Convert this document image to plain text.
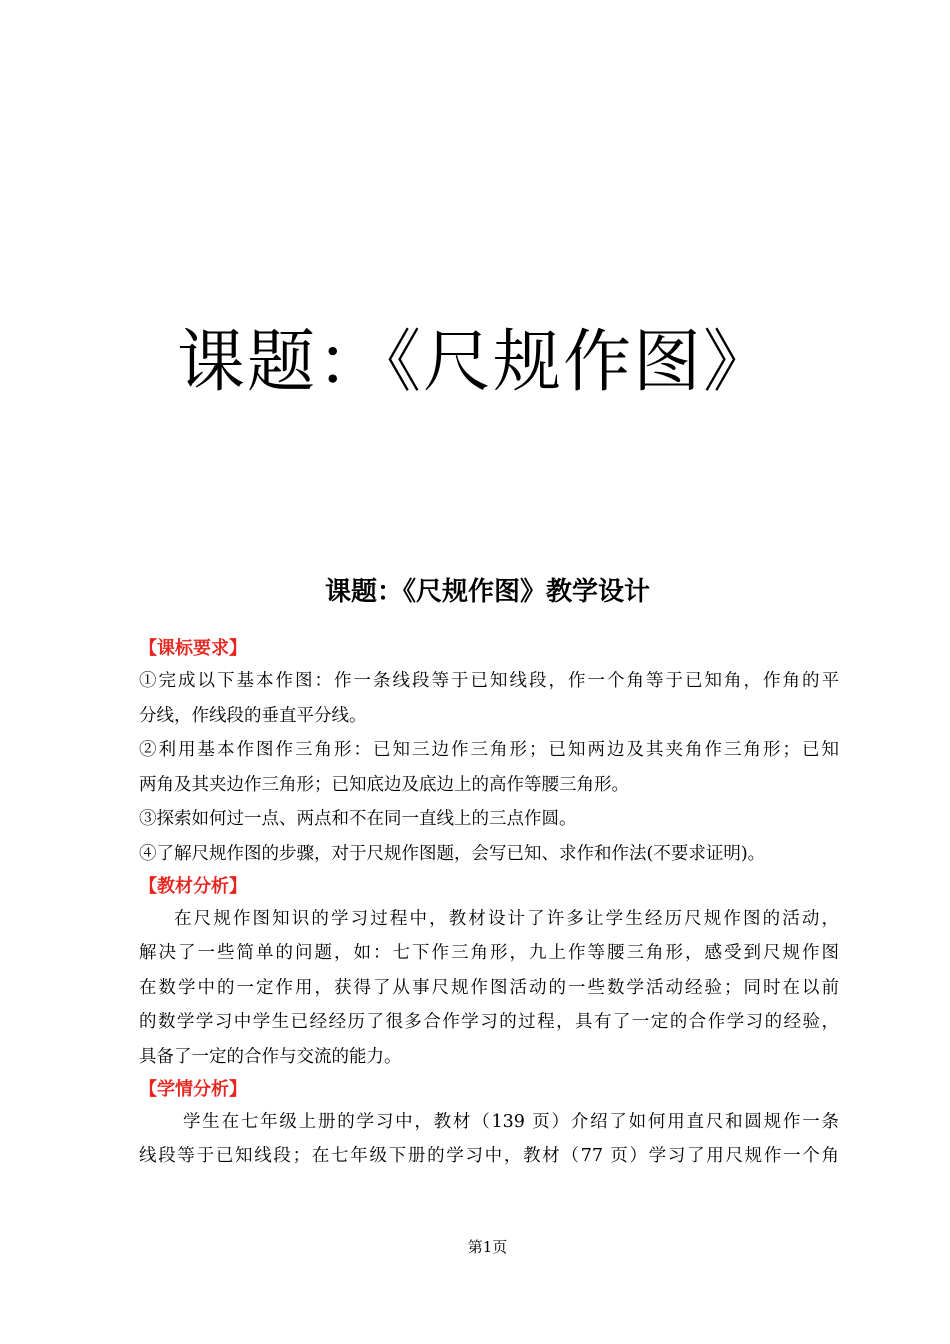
课题：《尺规作图》
课题：《尺规作图》教学设计
【课标要求】
①完成以下基本作图：作一条线段等于已知线段，作一个角等于已知角，作角的平
分线，作线段的垂直平分线。
②利用基本作图作三角形：已知三边作三角形；已知两边及其夹角作三角形；已知
两角及其夹边作三角形；已知底边及底边上的高作等腰三角形。
③探索如何过一点、两点和不在同一直线上的三点作圆。
④了解尺规作图的步骤，对于尺规作图题，会写已知、求作和作法(不要求证明)。
【教材分析】
在尺规作图知识的学习过程中，教材设计了许多让学生经历尺规作图的活动，
解决了一些简单的问题，如：七下作三角形，九上作等腰三角形，感受到尺规作图
在数学中的一定作用，获得了从事尺规作图活动的一些数学活动经验；同时在以前
的数学学习中学生已经经历了很多合作学习的过程，具有了一定的合作学习的经验，
具备了一定的合作与交流的能力。
【学情分析】
学生在七年级上册的学习中，教材（139 页）介绍了如何用直尺和圆规作一条
线段等于已知线段；在七年级下册的学习中，教材（77 页）学习了用尺规作一个角
第1页
